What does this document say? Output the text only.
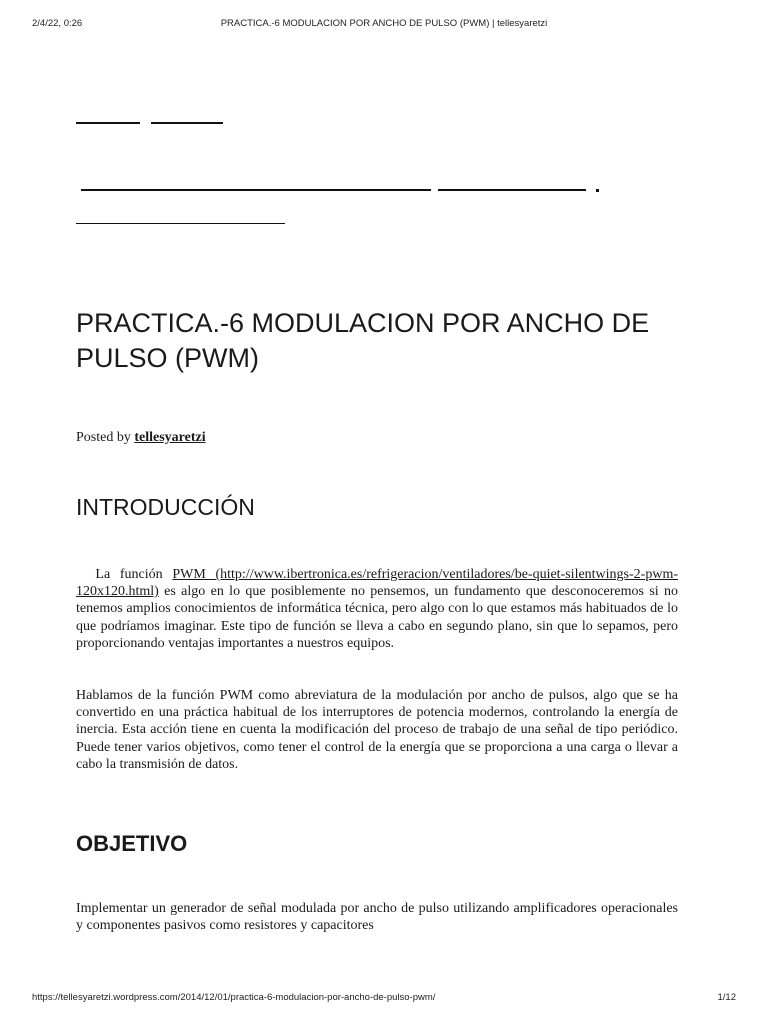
2/4/22, 0:26	PRACTICA.-6 MODULACION POR ANCHO DE PULSO (PWM) | tellesyaretzi
PRACTICA.-6 MODULACION POR ANCHO DE PULSO (PWM)
Posted by tellesyaretzi
INTRODUCCIÓN

La función PWM (http://www.ibertronica.es/refrigeracion/ventiladores/be-quiet-silentwings-2-pwm-120x120.html) es algo en lo que posiblemente no pensemos, un fundamento que desconoceremos si no tenemos amplios conocimientos de informática técnica, pero algo con lo que estamos más habituados de lo que podríamos imaginar. Este tipo de función se lleva a cabo en segundo plano, sin que lo sepamos, pero proporcionando ventajas importantes a nuestros equipos.

Hablamos de la función PWM como abreviatura de la modulación por ancho de pulsos, algo que se ha convertido en una práctica habitual de los interruptores de potencia modernos, controlando la energía de inercia. Esta acción tiene en cuenta la modificación del proceso de trabajo de una señal de tipo periódico. Puede tener varios objetivos, como tener el control de la energía que se proporciona a una carga o llevar a cabo la transmisión de datos.

OBJETIVO

Implementar un generador de señal modulada por ancho de pulso utilizando amplificadores operacionales y componentes pasivos como resistores y capacitores

https://tellesyaretzi.wordpress.com/2014/12/01/practica-6-modulacion-por-ancho-de-pulso-pwm/	1/12
